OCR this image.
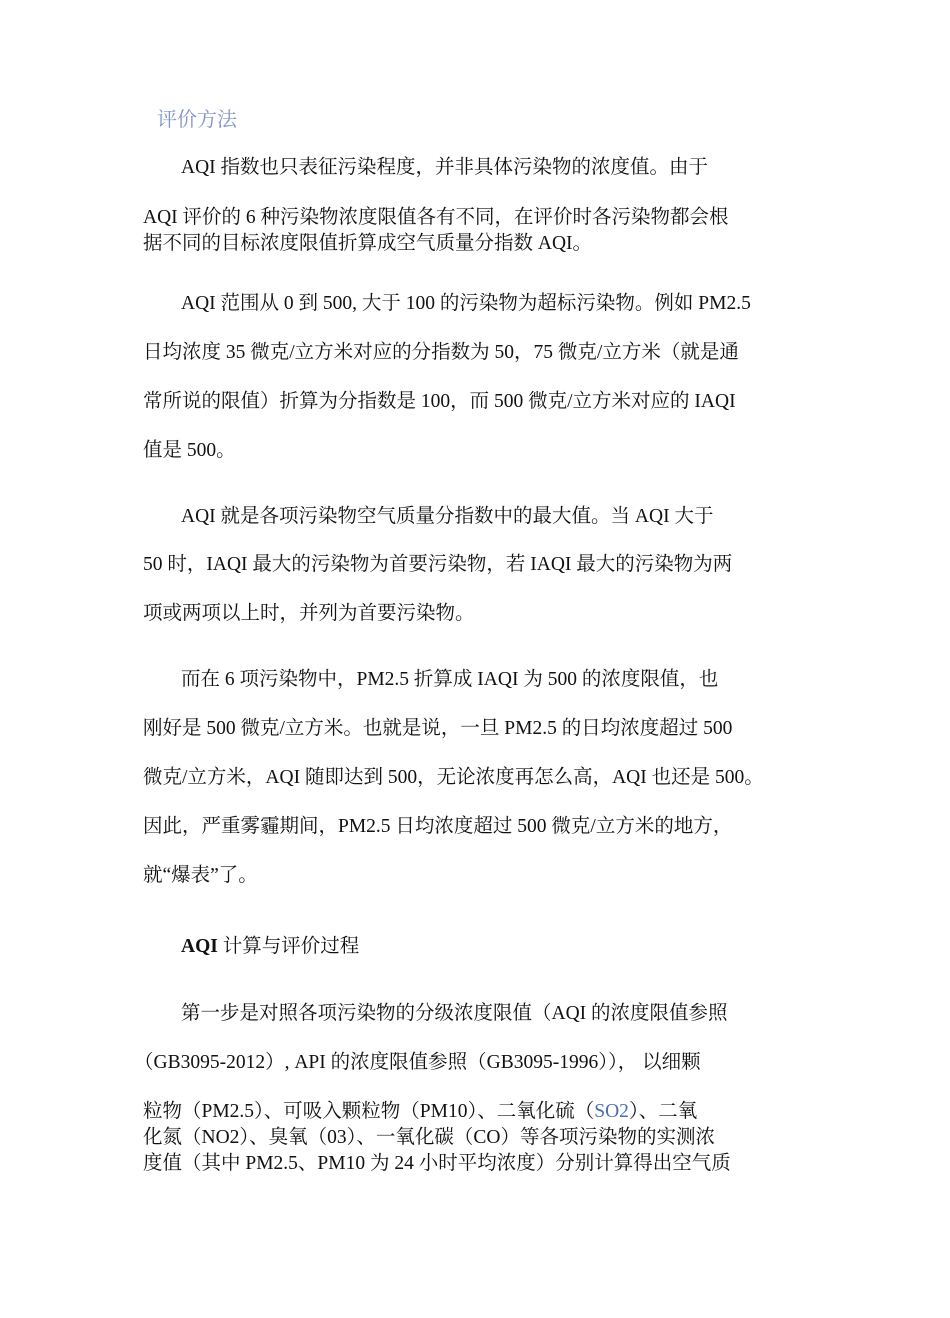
评价方法
AQI 指数也只表征污染程度，并非具体污染物的浓度值。由于
AQI 评价的 6 种污染物浓度限值各有不同，在评价时各污染物都会根
据不同的目标浓度限值折算成空气质量分指数 AQI。
AQI 范围从 0 到 500, 大于 100 的污染物为超标污染物。例如 PM2.5
日均浓度 35 微克/立方米对应的分指数为 50，75 微克/立方米（就是通
常所说的限值）折算为分指数是 100，而 500 微克/立方米对应的 IAQI
值是 500。
AQI 就是各项污染物空气质量分指数中的最大值。当 AQI 大于
50 时，IAQI 最大的污染物为首要污染物，若 IAQI 最大的污染物为两
项或两项以上时，并列为首要污染物。
而在 6 项污染物中，PM2.5 折算成 IAQI 为 500 的浓度限值，也
刚好是 500 微克/立方米。也就是说，一旦 PM2.5 的日均浓度超过 500
微克/立方米，AQI 随即达到 500，无论浓度再怎么高，AQI 也还是 500。
因此，严重雾霾期间，PM2.5 日均浓度超过 500 微克/立方米的地方，
就“爆表”了。
AQI 计算与评价过程
第一步是对照各项污染物的分级浓度限值（AQI 的浓度限值参照
（GB3095-2012）, API 的浓度限值参照（GB3095-1996））， 以细颗
粒物（PM2.5）、可吸入颗粒物（PM10）、二氧化硫（SO2）、二氧
化氮（NO2）、臭氧（03）、一氧化碳（CO）等各项污染物的实测浓
度值（其中 PM2.5、PM10 为 24 小时平均浓度）分别计算得出空气质
